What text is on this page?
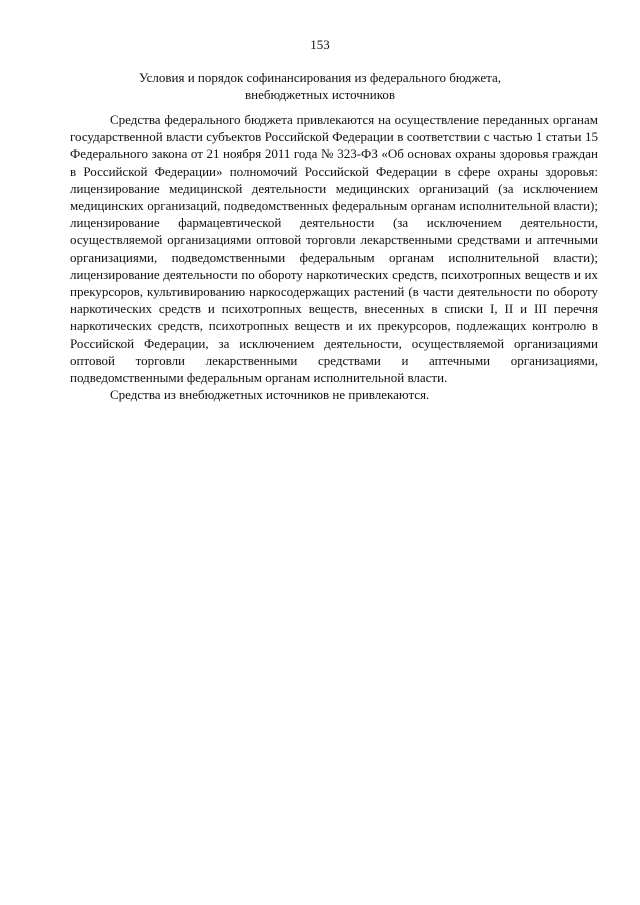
153
Условия и порядок софинансирования из федерального бюджета,
внебюджетных источников

Средства федерального бюджета привлекаются на осуществление переданных органам государственной власти субъектов Российской Федерации в соответствии с частью 1 статьи 15 Федерального закона от 21 ноября 2011 года № 323-ФЗ «Об основах охраны здоровья граждан в Российской Федерации» полномочий Российской Федерации в сфере охраны здоровья: лицензирование медицинской деятельности медицинских организаций (за исключением медицинских организаций, подведомственных федеральным органам исполнительной власти); лицензирование фармацевтической деятельности (за исключением деятельности, осуществляемой организациями оптовой торговли лекарственными средствами и аптечными организациями, подведомственными федеральным органам исполнительной власти); лицензирование деятельности по обороту наркотических средств, психотропных веществ и их прекурсоров, культивированию наркосодержащих растений (в части деятельности по обороту наркотических средств и психотропных веществ, внесенных в списки I, II и III перечня наркотических средств, психотропных веществ и их прекурсоров, подлежащих контролю в Российской Федерации, за исключением деятельности, осуществляемой организациями оптовой торговли лекарственными средствами и аптечными организациями, подведомственными федеральным органам исполнительной власти.

Средства из внебюджетных источников не привлекаются.
